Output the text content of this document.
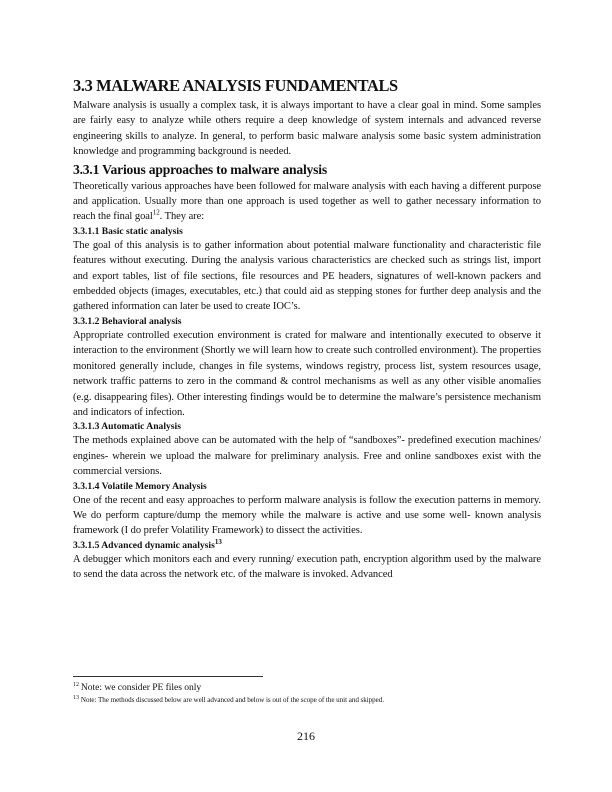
3.3 MALWARE ANALYSIS FUNDAMENTALS

Malware analysis is usually a complex task, it is always important to have a clear goal in mind. Some samples are fairly easy to analyze while others require a deep knowledge of system internals and advanced reverse engineering skills to analyze. In general, to perform basic malware analysis some basic system administration knowledge and programming background is needed.

3.3.1 Various approaches to malware analysis

Theoretically various approaches have been followed for malware analysis with each having a different purpose and application. Usually more than one approach is used together as well to gather necessary information to reach the final goal$^{12}$. They are:

3.3.1.1 Basic static analysis

The goal of this analysis is to gather information about potential malware functionality and characteristic file features without executing. During the analysis various characteristics are checked such as strings list, import and export tables, list of file sections, file resources and PE headers, signatures of well-known packers and embedded objects (images, executables, etc.) that could aid as stepping stones for further deep analysis and the gathered information can later be used to create IOC’s.

3.3.1.2 Behavioral analysis

Appropriate controlled execution environment is crated for malware and intentionally executed to observe it interaction to the environment (Shortly we will learn how to create such controlled environment). The properties monitored generally include, changes in file systems, windows registry, process list, system resources usage, network traffic patterns to zero in the command & control mechanisms as well as any other visible anomalies (e.g. disappearing files). Other interesting findings would be to determine the malware’s persistence mechanism and indicators of infection.

3.3.1.3 Automatic Analysis

The methods explained above can be automated with the help of “sandboxes”- predefined execution machines/ engines- wherein we upload the malware for preliminary analysis. Free and online sandboxes exist with the commercial versions.

3.3.1.4 Volatile Memory Analysis

One of the recent and easy approaches to perform malware analysis is follow the execution patterns in memory. We do perform capture/dump the memory while the malware is active and use some well- known analysis framework (I do prefer Volatility Framework) to dissect the activities.

3.3.1.5 Advanced dynamic analysis$^{13}$

A debugger which monitors each and every running/ execution path, encryption algorithm used by the malware to send the data across the network etc. of the malware is invoked. Advanced

$^{12}$ Note: we consider PE files only

$^{13}$ Note: The methods discussed below are well advanced and below is out of the scope of the unit and skipped.

216
